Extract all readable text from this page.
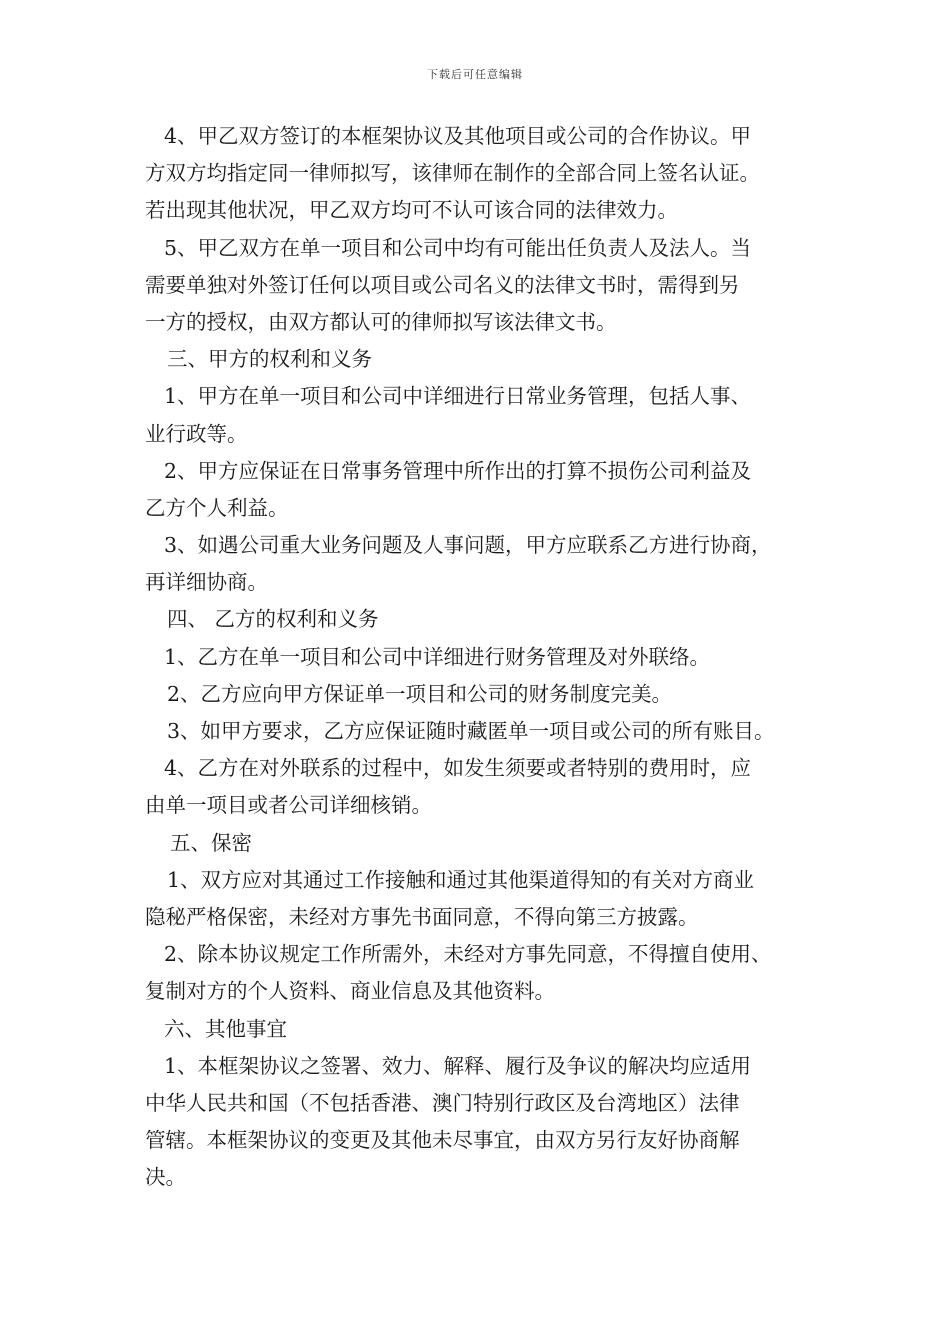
下载后可任意编辑
4、甲乙双方签订的本框架协议及其他项目或公司的合作协议。甲
方双方均指定同一律师拟写，该律师在制作的全部合同上签名认证。
若出现其他状况，甲乙双方均可不认可该合同的法律效力。
5、甲乙双方在单一项目和公司中均有可能出任负责人及法人。当
需要单独对外签订任何以项目或公司名义的法律文书时，需得到另
一方的授权，由双方都认可的律师拟写该法律文书。
三、甲方的权利和义务
1、甲方在单一项目和公司中详细进行日常业务管理，包括人事、
业行政等。
2、甲方应保证在日常事务管理中所作出的打算不损伤公司利益及
乙方个人利益。
3、如遇公司重大业务问题及人事问题，甲方应联系乙方进行协商，
再详细协商。
四、 乙方的权利和义务
1、乙方在单一项目和公司中详细进行财务管理及对外联络。
2、乙方应向甲方保证单一项目和公司的财务制度完美。
3、如甲方要求，乙方应保证随时藏匿单一项目或公司的所有账目。
4、乙方在对外联系的过程中，如发生须要或者特别的费用时，应
由单一项目或者公司详细核销。
五、保密
1、双方应对其通过工作接触和通过其他渠道得知的有关对方商业
隐秘严格保密，未经对方事先书面同意，不得向第三方披露。
2、除本协议规定工作所需外，未经对方事先同意，不得擅自使用、
复制对方的个人资料、商业信息及其他资料。
六、其他事宜
1、本框架协议之签署、效力、解释、履行及争议的解决均应适用
中华人民共和国（不包括香港、澳门特别行政区及台湾地区）法律
管辖。本框架协议的变更及其他未尽事宜，由双方另行友好协商解
决。
